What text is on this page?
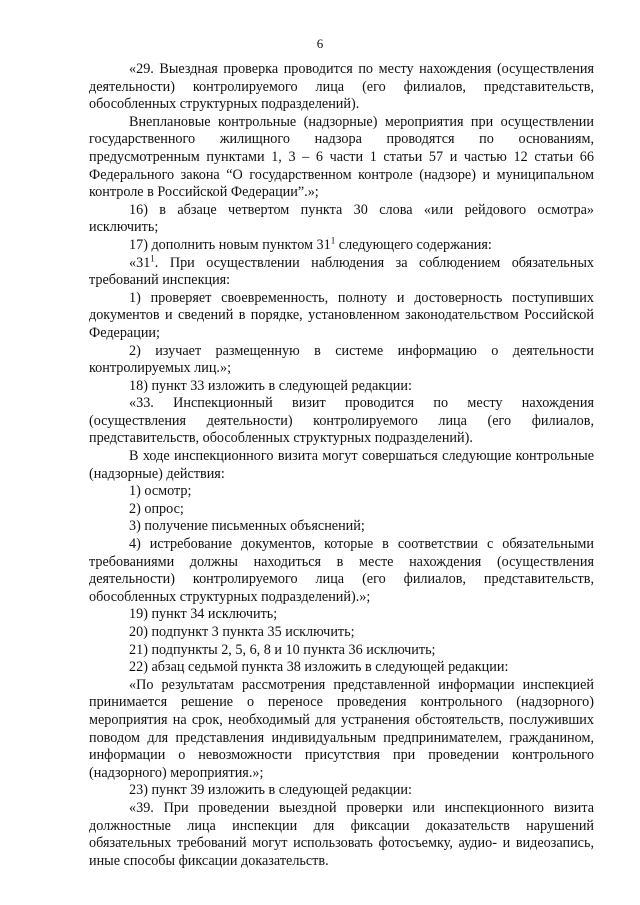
6

«29. Выездная проверка проводится по месту нахождения (осуществления деятельности) контролируемого лица (его филиалов, представительств, обособленных структурных подразделений).

Внеплановые контрольные (надзорные) мероприятия при осуществлении государственного жилищного надзора проводятся по основаниям, предусмотренным пунктами 1, 3 – 6 части 1 статьи 57 и частью 12 статьи 66 Федерального закона “О государственном контроле (надзоре) и муниципальном контроле в Российской Федерации”.»;

16) в абзаце четвертом пункта 30 слова «или рейдового осмотра» исключить;

17) дополнить новым пунктом $31^1$ следующего содержания:

«$31^1$. При осуществлении наблюдения за соблюдением обязательных требований инспекция:

1) проверяет своевременность, полноту и достоверность поступивших документов и сведений в порядке, установленном законодательством Российской Федерации;

2) изучает размещенную в системе информацию о деятельности контролируемых лиц.»;

18) пункт 33 изложить в следующей редакции:

«33. Инспекционный визит проводится по месту нахождения (осуществления деятельности) контролируемого лица (его филиалов, представительств, обособленных структурных подразделений).

В ходе инспекционного визита могут совершаться следующие контрольные (надзорные) действия:

1) осмотр;

2) опрос;

3) получение письменных объяснений;

4) истребование документов, которые в соответствии с обязательными требованиями должны находиться в месте нахождения (осуществления деятельности) контролируемого лица (его филиалов, представительств, обособленных структурных подразделений).»;

19) пункт 34 исключить;

20) подпункт 3 пункта 35 исключить;

21) подпункты 2, 5, 6, 8 и 10 пункта 36 исключить;

22) абзац седьмой пункта 38 изложить в следующей редакции:

«По результатам рассмотрения представленной информации инспекцией принимается решение о переносе проведения контрольного (надзорного) мероприятия на срок, необходимый для устранения обстоятельств, послуживших поводом для представления индивидуальным предпринимателем, гражданином, информации о невозможности присутствия при проведении контрольного (надзорного) мероприятия.»;

23) пункт 39 изложить в следующей редакции:

«39. При проведении выездной проверки или инспекционного визита должностные лица инспекции для фиксации доказательств нарушений обязательных требований могут использовать фотосъемку, аудио- и видеозапись, иные способы фиксации доказательств.
